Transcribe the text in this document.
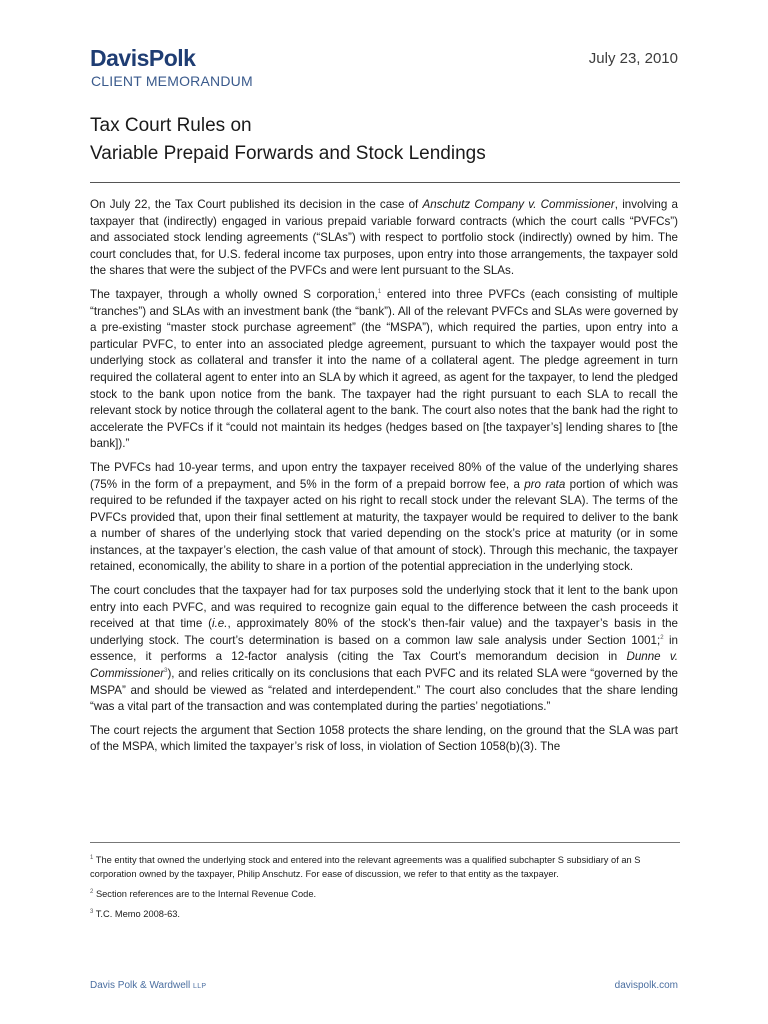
DavisPolk
CLIENT MEMORANDUM
July 23, 2010
Tax Court Rules on
Variable Prepaid Forwards and Stock Lendings

On July 22, the Tax Court published its decision in the case of Anschutz Company v. Commissioner, involving a taxpayer that (indirectly) engaged in various prepaid variable forward contracts (which the court calls “PVFCs”) and associated stock lending agreements (“SLAs”) with respect to portfolio stock (indirectly) owned by him. The court concludes that, for U.S. federal income tax purposes, upon entry into those arrangements, the taxpayer sold the shares that were the subject of the PVFCs and were lent pursuant to the SLAs.

The taxpayer, through a wholly owned S corporation,$^1$ entered into three PVFCs (each consisting of multiple “tranches”) and SLAs with an investment bank (the “bank”). All of the relevant PVFCs and SLAs were governed by a pre-existing “master stock purchase agreement” (the “MSPA”), which required the parties, upon entry into a particular PVFC, to enter into an associated pledge agreement, pursuant to which the taxpayer would post the underlying stock as collateral and transfer it into the name of a collateral agent. The pledge agreement in turn required the collateral agent to enter into an SLA by which it agreed, as agent for the taxpayer, to lend the pledged stock to the bank upon notice from the bank. The taxpayer had the right pursuant to each SLA to recall the relevant stock by notice through the collateral agent to the bank. The court also notes that the bank had the right to accelerate the PVFCs if it “could not maintain its hedges (hedges based on [the taxpayer’s] lending shares to [the bank]).”

The PVFCs had 10-year terms, and upon entry the taxpayer received 80% of the value of the underlying shares (75% in the form of a prepayment, and 5% in the form of a prepaid borrow fee, a pro rata portion of which was required to be refunded if the taxpayer acted on his right to recall stock under the relevant SLA). The terms of the PVFCs provided that, upon their final settlement at maturity, the taxpayer would be required to deliver to the bank a number of shares of the underlying stock that varied depending on the stock’s price at maturity (or in some instances, at the taxpayer’s election, the cash value of that amount of stock). Through this mechanic, the taxpayer retained, economically, the ability to share in a portion of the potential appreciation in the underlying stock.

The court concludes that the taxpayer had for tax purposes sold the underlying stock that it lent to the bank upon entry into each PVFC, and was required to recognize gain equal to the difference between the cash proceeds it received at that time (i.e., approximately 80% of the stock’s then-fair value) and the taxpayer’s basis in the underlying stock. The court’s determination is based on a common law sale analysis under Section 1001;$^2$ in essence, it performs a 12-factor analysis (citing the Tax Court’s memorandum decision in Dunne v. Commissioner$^3$), and relies critically on its conclusions that each PVFC and its related SLA were “governed by the MSPA” and should be viewed as “related and interdependent.” The court also concludes that the share lending “was a vital part of the transaction and was contemplated during the parties’ negotiations.”

The court rejects the argument that Section 1058 protects the share lending, on the ground that the SLA was part of the MSPA, which limited the taxpayer’s risk of loss, in violation of Section 1058(b)(3). The

$^1$ The entity that owned the underlying stock and entered into the relevant agreements was a qualified subchapter S subsidiary of an S corporation owned by the taxpayer, Philip Anschutz. For ease of discussion, we refer to that entity as the taxpayer.

$^2$ Section references are to the Internal Revenue Code.

$^3$ T.C. Memo 2008-63.

Davis Polk & Wardwell LLP	davispolk.com
